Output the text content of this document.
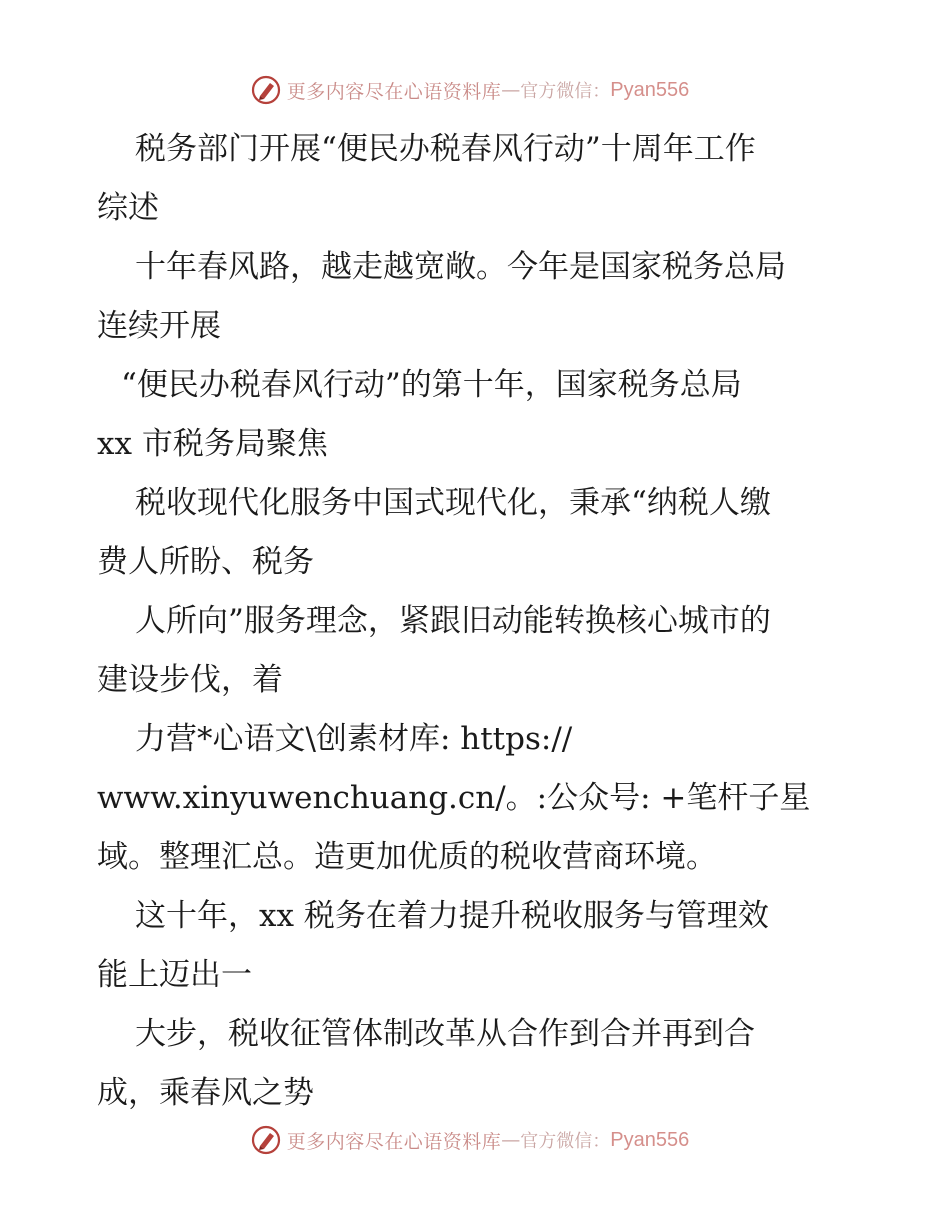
更多内容尽在心语资料库 — 官方微信： Pyan556
税务部门开展“便民办税春风行动”十周年工作
综述
十年春风路，越走越宽敞。今年是国家税务总局
连续开展
“便民办税春风行动”的第十年，国家税务总局
xx 市税务局聚焦
税收现代化服务中国式现代化，秉承“纳税人缴
费人所盼、税务
人所向”服务理念，紧跟旧动能转换核心城市的
建设步伐，着
力营*心语文\创素材库: https://
www.xinyuwenchuang.cn/。:公众号: +笔杆子星
域。整理汇总。造更加优质的税收营商环境。
这十年，xx 税务在着力提升税收服务与管理效
能上迈出一
大步，税收征管体制改革从合作到合并再到合
成，乘春风之势
更多内容尽在心语资料库 — 官方微信： Pyan556
